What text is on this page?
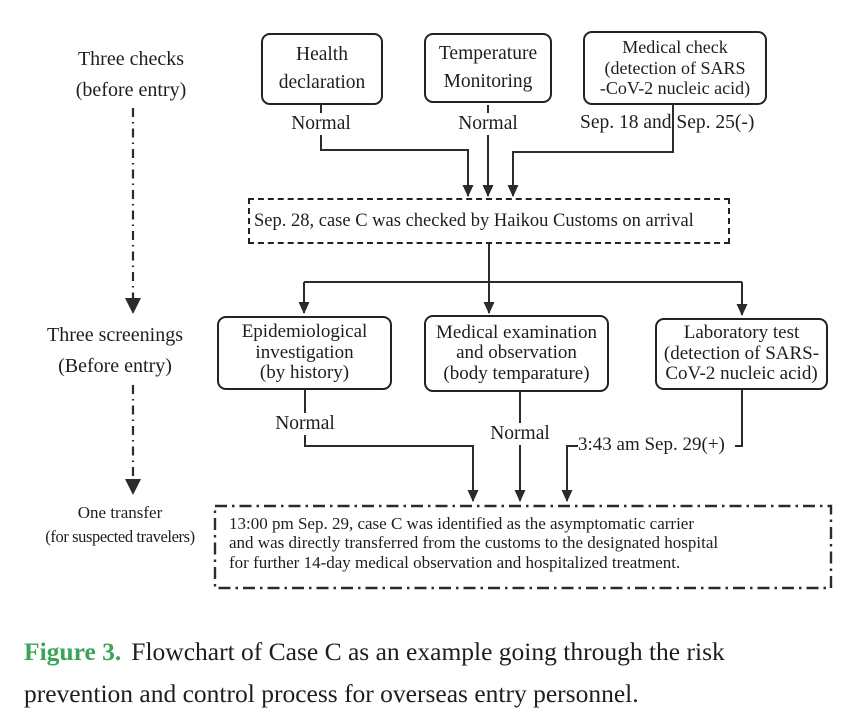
Three checks
(before entry)
Three screenings
(Before entry)
One transfer
(for suspected travelers)
Health
declaration
Temperature
Monitoring
Medical check
(detection of SARS
-CoV-2 nucleic acid)
Normal	Normal	Sep. 18 and Sep. 25(-)
Sep. 28, case C was checked by Haikou Customs on arrival
Epidemiological
investigation
(by history)
Medical examination
and observation
(body temparature)
Laboratory test
(detection of SARS-
CoV-2 nucleic acid)
Normal	Normal
3:43 am Sep. 29(+)
13:00 pm Sep. 29, case C was identified as the asymptomatic carrier
and was directly transferred from the customs to the designated hospital
for further 14-day medical observation and hospitalized treatment.
Figure 3. Flowchart of Case C as an example going through the risk
prevention and control process for overseas entry personnel.
